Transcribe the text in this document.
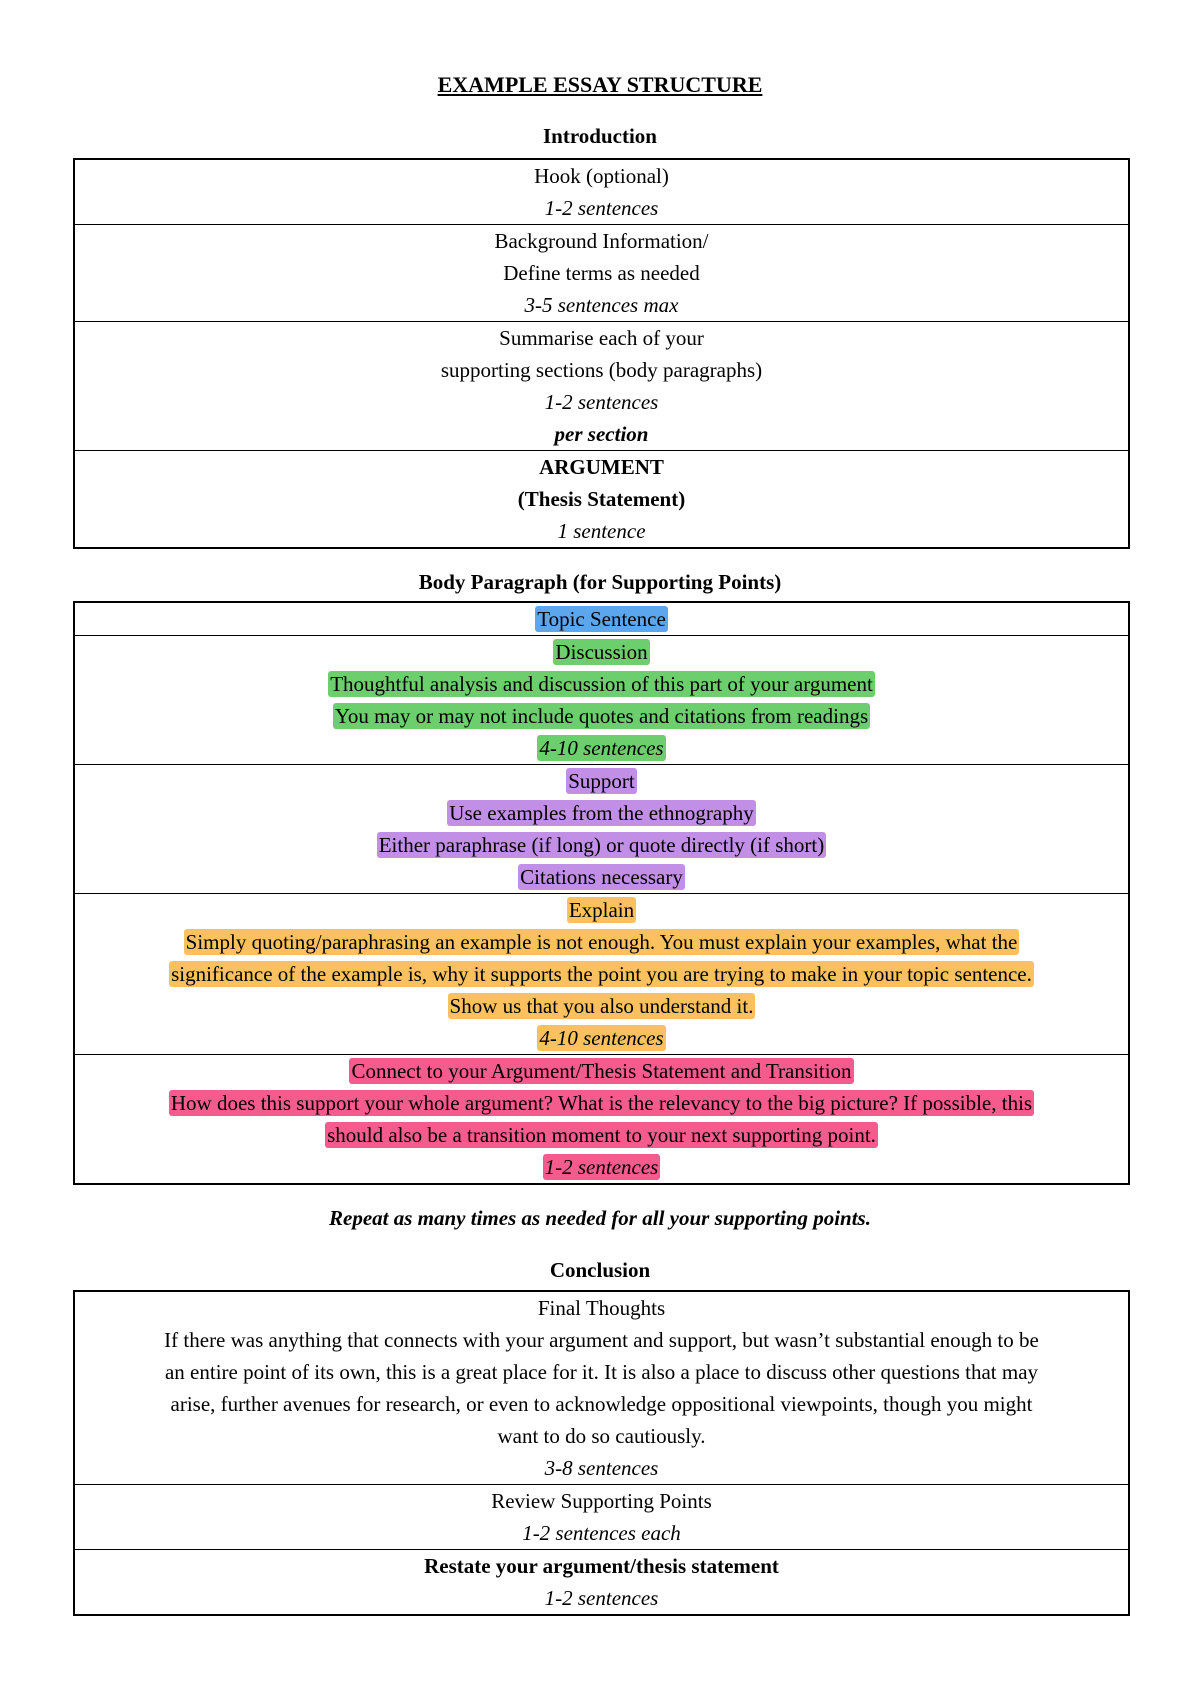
EXAMPLE ESSAY STRUCTURE
Introduction
Hook (optional)
1-2 sentences
Background Information/
Define terms as needed
3-5 sentences max
Summarise each of your
supporting sections (body paragraphs)
1-2 sentences
per section
ARGUMENT
(Thesis Statement)
1 sentence
Body Paragraph (for Supporting Points)
Topic Sentence
Discussion
Thoughtful analysis and discussion of this part of your argument
You may or may not include quotes and citations from readings
4-10 sentences
Support
Use examples from the ethnography
Either paraphrase (if long) or quote directly (if short)
Citations necessary
Explain
Simply quoting/paraphrasing an example is not enough. You must explain your examples, what the
significance of the example is, why it supports the point you are trying to make in your topic sentence.
Show us that you also understand it.
4-10 sentences
Connect to your Argument/Thesis Statement and Transition
How does this support your whole argument? What is the relevancy to the big picture? If possible, this
should also be a transition moment to your next supporting point.
1-2 sentences
Repeat as many times as needed for all your supporting points.
Conclusion
Final Thoughts
If there was anything that connects with your argument and support, but wasn’t substantial enough to be
an entire point of its own, this is a great place for it. It is also a place to discuss other questions that may
arise, further avenues for research, or even to acknowledge oppositional viewpoints, though you might
want to do so cautiously.
3-8 sentences
Review Supporting Points
1-2 sentences each
Restate your argument/thesis statement
1-2 sentences
